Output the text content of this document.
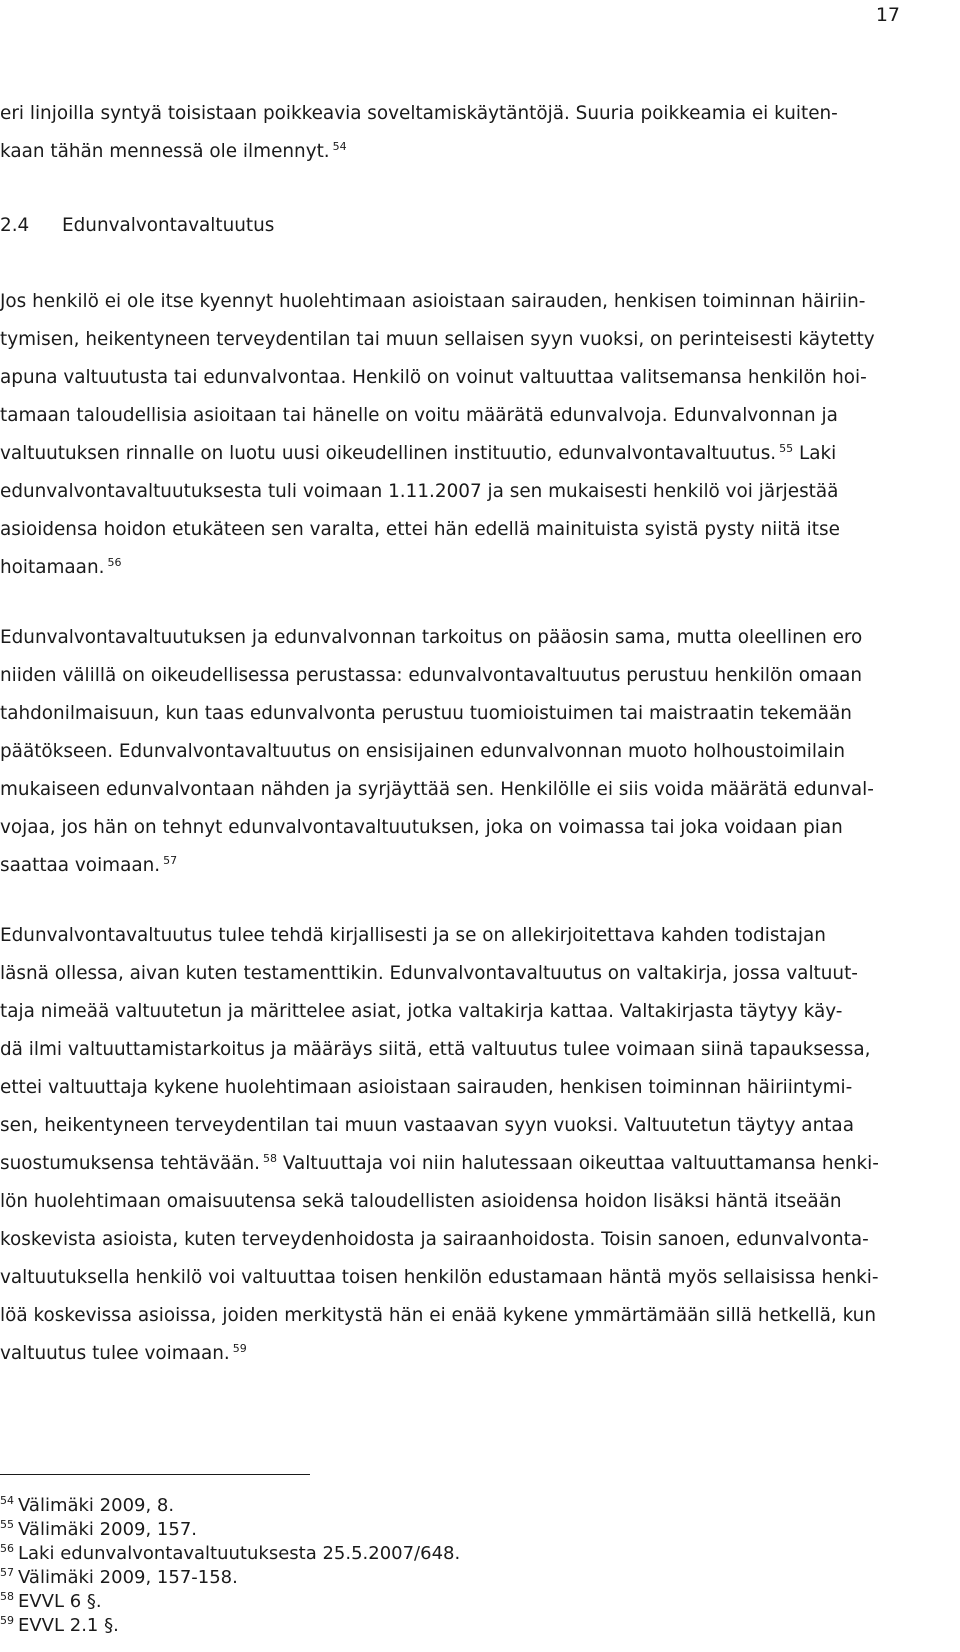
17
eri linjoilla syntyä toisistaan poikkeavia soveltamiskäytäntöjä. Suuria poikkeamia ei kuiten-
kaan tähän mennessä ole ilmennyt. $^{54}$
2.4 Edunvalvontavaltuutus
Jos henkilö ei ole itse kyennyt huolehtimaan asioistaan sairauden, henkisen toiminnan häiriin-
tymisen, heikentyneen terveydentilan tai muun sellaisen syyn vuoksi, on perinteisesti käytetty
apuna valtuutusta tai edunvalvontaa. Henkilö on voinut valtuuttaa valitsemansa henkilön hoi-
tamaan taloudellisia asioitaan tai hänelle on voitu määrätä edunvalvoja. Edunvalvonnan ja
valtuutuksen rinnalle on luotu uusi oikeudellinen instituutio, edunvalvontavaltuutus. $^{55}$ Laki
edunvalvontavaltuutuksesta tuli voimaan 1.11.2007 ja sen mukaisesti henkilö voi järjestää
asioidensa hoidon etukäteen sen varalta, ettei hän edellä mainituista syistä pysty niitä itse
hoitamaan. $^{56}$
Edunvalvontavaltuutuksen ja edunvalvonnan tarkoitus on pääosin sama, mutta oleellinen ero
niiden välillä on oikeudellisessa perustassa: edunvalvontavaltuutus perustuu henkilön omaan
tahdonilmaisuun, kun taas edunvalvonta perustuu tuomioistuimen tai maistraatin tekemään
päätökseen. Edunvalvontavaltuutus on ensisijainen edunvalvonnan muoto holhoustoimilain
mukaiseen edunvalvontaan nähden ja syrjäyttää sen. Henkilölle ei siis voida määrätä edunval-
vojaa, jos hän on tehnyt edunvalvontavaltuutuksen, joka on voimassa tai joka voidaan pian
saattaa voimaan. $^{57}$
Edunvalvontavaltuutus tulee tehdä kirjallisesti ja se on allekirjoitettava kahden todistajan
läsnä ollessa, aivan kuten testamenttikin. Edunvalvontavaltuutus on valtakirja, jossa valtuut-
taja nimeää valtuutetun ja märittelee asiat, jotka valtakirja kattaa. Valtakirjasta täytyy käy-
dä ilmi valtuuttamistarkoitus ja määräys siitä, että valtuutus tulee voimaan siinä tapauksessa,
ettei valtuuttaja kykene huolehtimaan asioistaan sairauden, henkisen toiminnan häiriintymi-
sen, heikentyneen terveydentilan tai muun vastaavan syyn vuoksi. Valtuutetun täytyy antaa
suostumuksensa tehtävään. $^{58}$ Valtuuttaja voi niin halutessaan oikeuttaa valtuuttamansa henki-
lön huolehtimaan omaisuutensa sekä taloudellisten asioidensa hoidon lisäksi häntä itseään
koskevista asioista, kuten terveydenhoidosta ja sairaanhoidosta. Toisin sanoen, edunvalvonta-
valtuutuksella henkilö voi valtuuttaa toisen henkilön edustamaan häntä myös sellaisissa henki-
löä koskevissa asioissa, joiden merkitystä hän ei enää kykene ymmärtämään sillä hetkellä, kun
valtuutus tulee voimaan. $^{59}$
$^{54}$ Välimäki 2009, 8.
$^{55}$ Välimäki 2009, 157.
$^{56}$ Laki edunvalvontavaltuutuksesta 25.5.2007/648.
$^{57}$ Välimäki 2009, 157-158.
$^{58}$ EVVL 6 §.
$^{59}$ EVVL 2.1 §.
